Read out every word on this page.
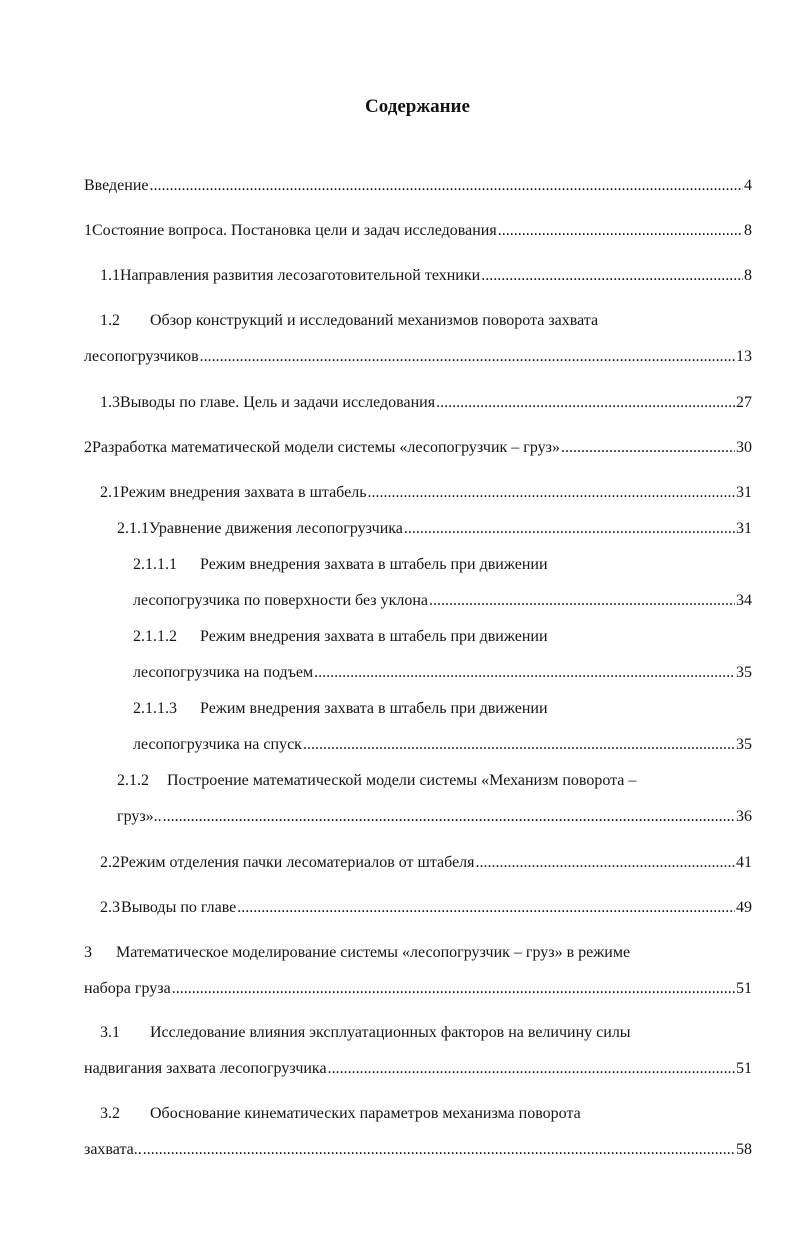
Содержание
Введение .....	4
1 Состояние вопроса. Постановка цели и задач исследования .....	8
1.1 Направления развития лесозаготовительной техники .....	8
1.2	Обзор конструкций и исследований механизмов поворота захвата
лесопогрузчиков .....	13
1.3 Выводы по главе. Цель и задачи исследования .....	27
2 Разработка математической модели системы «лесопогрузчик – груз» .....	30
2.1 Режим внедрения захвата в штабель .....	31
2.1.1 Уравнение движения лесопогрузчика .....	31
2.1.1.1	Режим внедрения захвата в штабель при движении
лесопогрузчика по поверхности без уклона .....	34
2.1.1.2	Режим внедрения захвата в штабель при движении
лесопогрузчика на подъем .....	35
2.1.1.3	Режим внедрения захвата в штабель при движении
лесопогрузчика на спуск .....	35
2.1.2	Построение математической модели системы «Механизм поворота –
груз».. .....	36
2.2 Режим отделения пачки лесоматериалов от штабеля .....	41
2.3 Выводы по главе .....	49
3	Математическое моделирование системы «лесопогрузчик – груз» в режиме
набора груза .....	51
3.1	Исследование влияния эксплуатационных факторов на величину силы
надвигания захвата лесопогрузчика .....	51
3.2	Обоснование кинематических параметров механизма поворота
захвата.. .....	58
